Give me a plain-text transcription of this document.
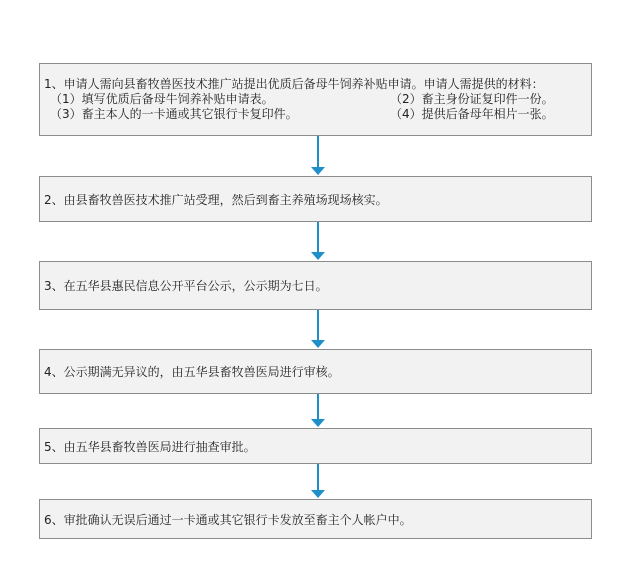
1、申请人需向县畜牧兽医技术推广站提出优质后备母牛饲养补贴申请。申请人需提供的材料：
（1）填写优质后备母牛饲养补贴申请表。	（2）畜主身份证复印件一份。
（3）畜主本人的一卡通或其它银行卡复印件。	（4）提供后备母年相片一张。
2、由县畜牧兽医技术推广站受理，然后到畜主养殖场现场核实。
3、在五华县惠民信息公开平台公示，公示期为七日。
4、公示期满无异议的，由五华县畜牧兽医局进行审核。
5、由五华县畜牧兽医局进行抽查审批。
6、审批确认无误后通过一卡通或其它银行卡发放至畜主个人帐户中。
